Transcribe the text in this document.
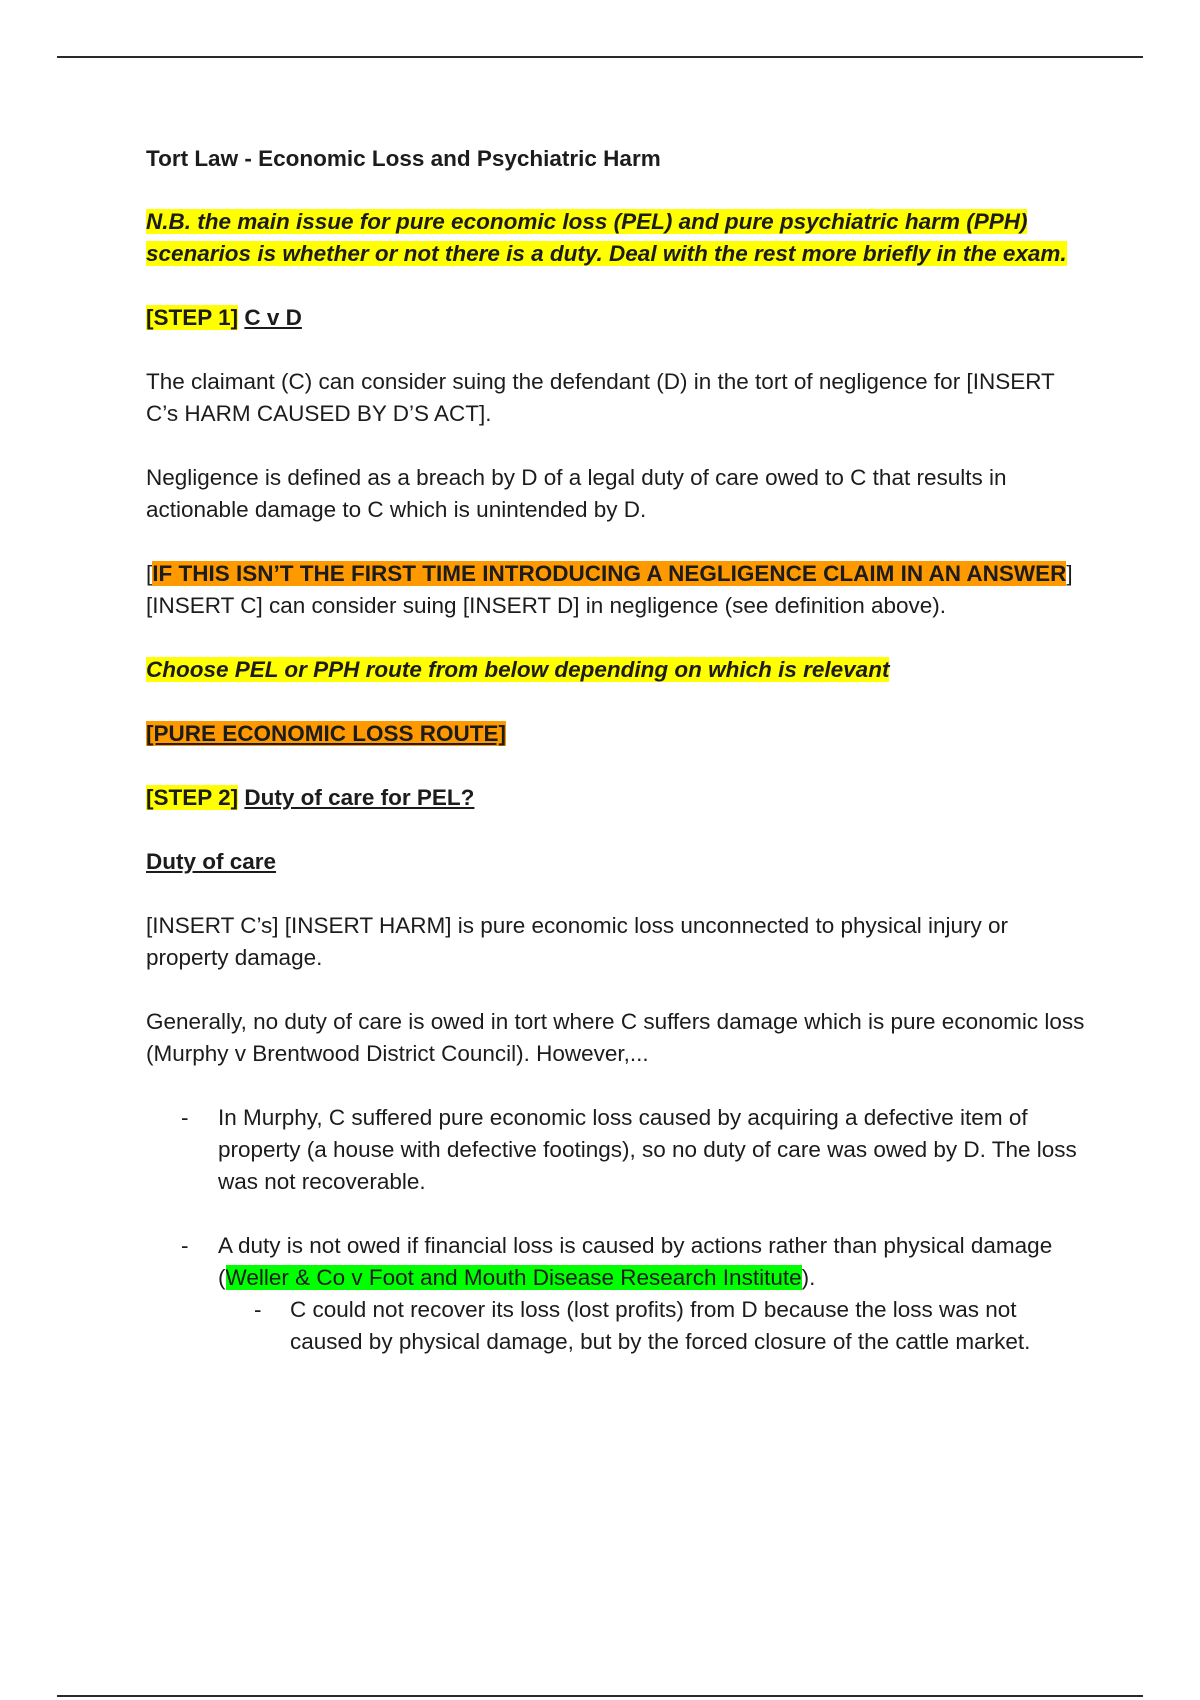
Tort Law - Economic Loss and Psychiatric Harm

N.B. the main issue for pure economic loss (PEL) and pure psychiatric harm (PPH) scenarios is whether or not there is a duty. Deal with the rest more briefly in the exam.

[STEP 1] C v D

The claimant (C) can consider suing the defendant (D) in the tort of negligence for [INSERT C’s HARM CAUSED BY D’S ACT].

Negligence is defined as a breach by D of a legal duty of care owed to C that results in actionable damage to C which is unintended by D.

[IF THIS ISN’T THE FIRST TIME INTRODUCING A NEGLIGENCE CLAIM IN AN ANSWER] [INSERT C] can consider suing [INSERT D] in negligence (see definition above).

Choose PEL or PPH route from below depending on which is relevant

[PURE ECONOMIC LOSS ROUTE]

[STEP 2] Duty of care for PEL?

Duty of care

[INSERT C’s] [INSERT HARM] is pure economic loss unconnected to physical injury or property damage.

Generally, no duty of care is owed in tort where C suffers damage which is pure economic loss (Murphy v Brentwood District Council). However,...

- In Murphy, C suffered pure economic loss caused by acquiring a defective item of property (a house with defective footings), so no duty of care was owed by D. The loss was not recoverable.

- A duty is not owed if financial loss is caused by actions rather than physical damage (Weller & Co v Foot and Mouth Disease Research Institute).

- C could not recover its loss (lost profits) from D because the loss was not caused by physical damage, but by the forced closure of the cattle market.
